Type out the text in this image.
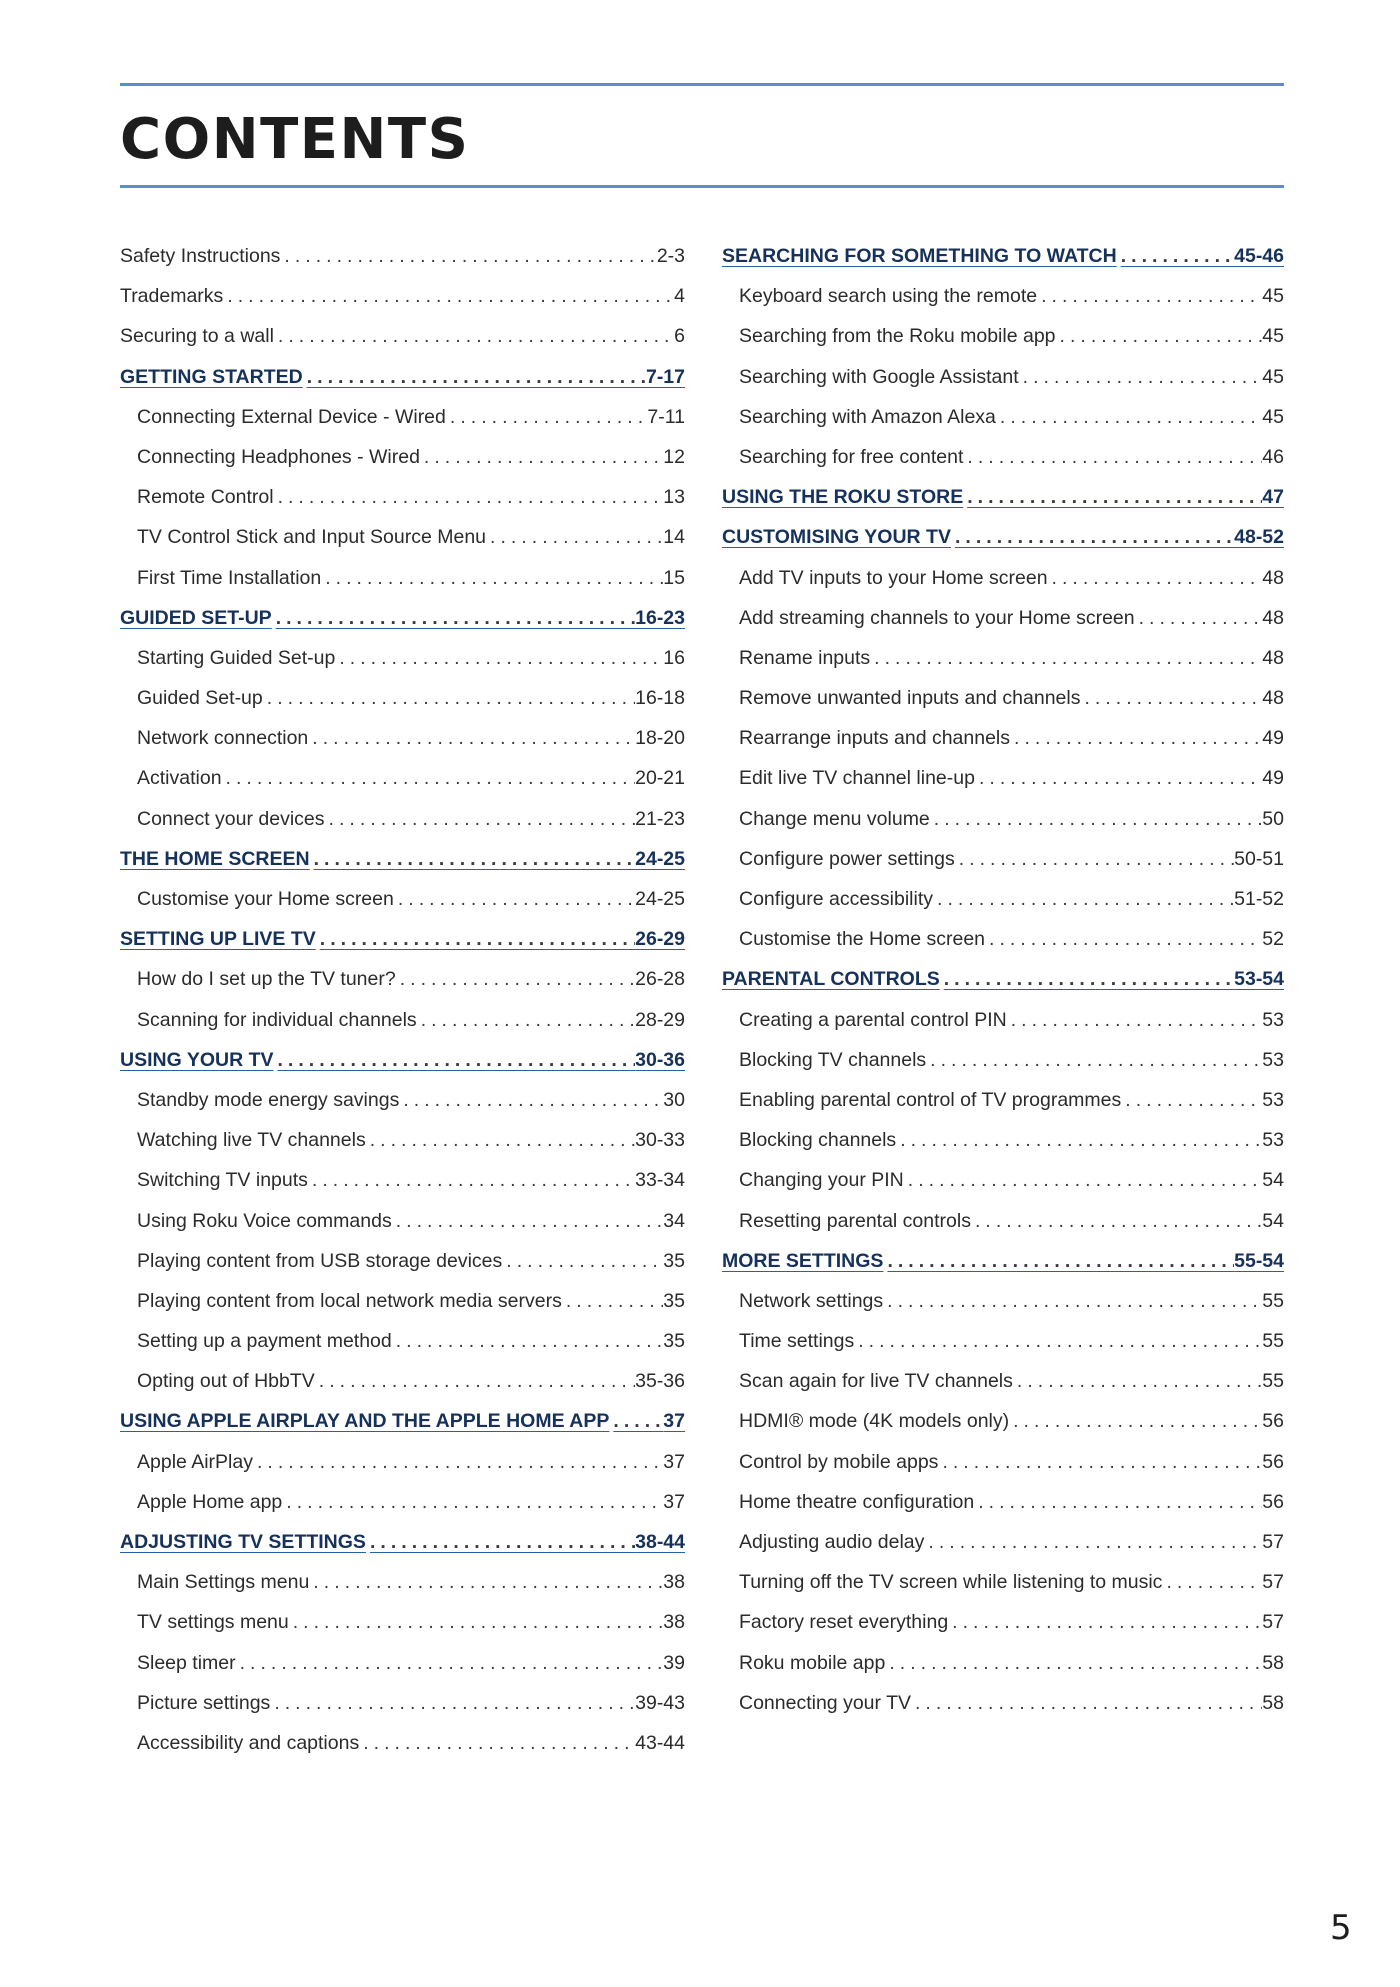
CONTENTS
Safety Instructions . . .	2-3
Trademarks . . .	4
Securing to a wall . . .	6
GETTING STARTED . . .	7-17
Connecting External Device - Wired . . .	7-11
Connecting Headphones - Wired . . .	12
Remote Control . . .	13
TV Control Stick and Input Source Menu . . .	14
First Time Installation . . .	15
GUIDED SET-UP . . .	16-23
Starting Guided Set-up . . .	16
Guided Set-up . . .	16-18
Network connection . . .	18-20
Activation . . .	20-21
Connect your devices . . .	21-23
THE HOME SCREEN . . .	24-25
Customise your Home screen . . .	24-25
SETTING UP LIVE TV . . .	26-29
How do I set up the TV tuner? . . .	26-28
Scanning for individual channels . . .	28-29
USING YOUR TV . . .	30-36
Standby mode energy savings . . .	30
Watching live TV channels . . .	30-33
Switching TV inputs . . .	33-34
Using Roku Voice commands . . .	34
Playing content from USB storage devices . . .	35
Playing content from local network media servers . . .	35
Setting up a payment method . . .	35
Opting out of HbbTV . . .	35-36
USING APPLE AIRPLAY AND THE APPLE HOME APP . . .	37
Apple AirPlay . . .	37
Apple Home app . . .	37
ADJUSTING TV SETTINGS . . .	38-44
Main Settings menu . . .	38
TV settings menu . . .	38
Sleep timer . . .	39
Picture settings . . .	39-43
Accessibility and captions . . .	43-44
SEARCHING FOR SOMETHING TO WATCH . . .	45-46
Keyboard search using the remote . . .	45
Searching from the Roku mobile app . . .	45
Searching with Google Assistant . . .	45
Searching with Amazon Alexa . . .	45
Searching for free content . . .	46
USING THE ROKU STORE . . .	47
CUSTOMISING YOUR TV . . .	48-52
Add TV inputs to your Home screen . . .	48
Add streaming channels to your Home screen . . .	48
Rename inputs . . .	48
Remove unwanted inputs and channels . . .	48
Rearrange inputs and channels . . .	49
Edit live TV channel line-up . . .	49
Change menu volume . . .	50
Configure power settings . . .	50-51
Configure accessibility . . .	51-52
Customise the Home screen . . .	52
PARENTAL CONTROLS . . .	53-54
Creating a parental control PIN . . .	53
Blocking TV channels . . .	53
Enabling parental control of TV programmes . . .	53
Blocking channels . . .	53
Changing your PIN . . .	54
Resetting parental controls . . .	54
MORE SETTINGS . . .	55-54
Network settings . . .	55
Time settings . . .	55
Scan again for live TV channels . . .	55
HDMI® mode (4K models only) . . .	56
Control by mobile apps . . .	56
Home theatre configuration . . .	56
Adjusting audio delay . . .	57
Turning off the TV screen while listening to music . . .	57
Factory reset everything . . .	57
Roku mobile app . . .	58
Connecting your TV . . .	58
5
